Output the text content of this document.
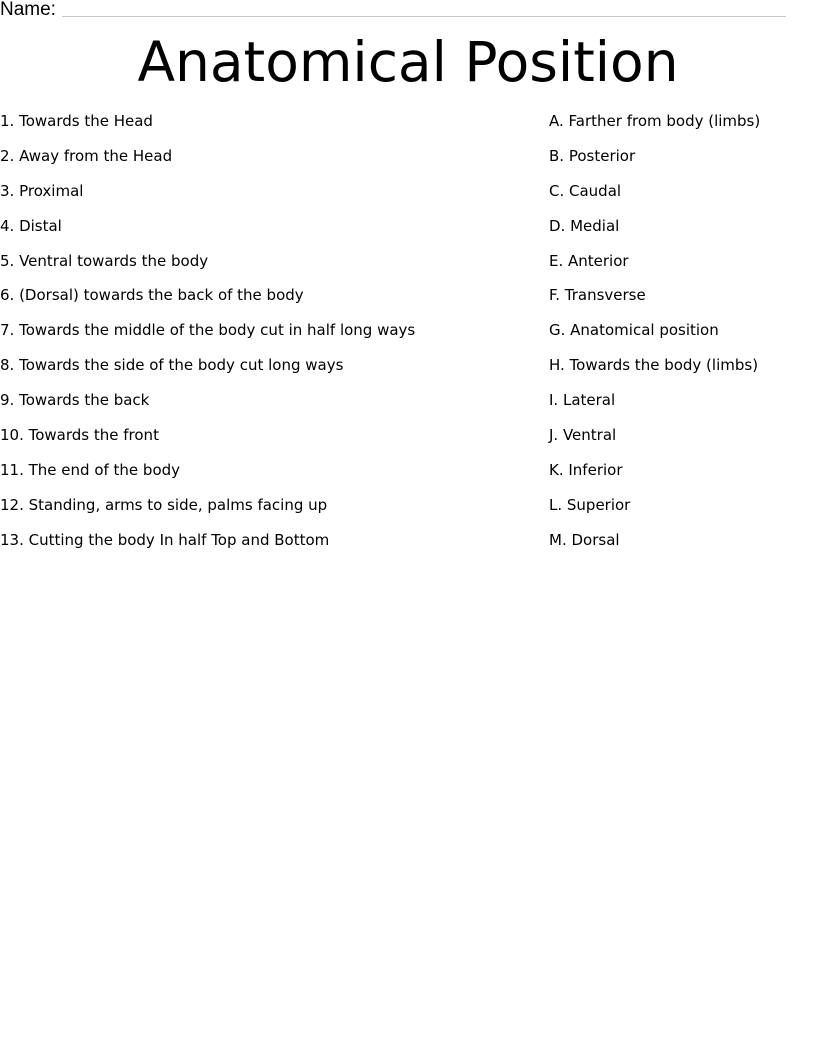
Name:
Anatomical Position
1. Towards the Head
2. Away from the Head
3. Proximal
4. Distal
5. Ventral towards the body
6. (Dorsal) towards the back of the body
7. Towards the middle of the body cut in half long ways
8. Towards the side of the body cut long ways
9. Towards the back
10. Towards the front
11. The end of the body
12. Standing, arms to side, palms facing up
13. Cutting the body In half Top and Bottom
A. Farther from body (limbs)
B. Posterior
C. Caudal
D. Medial
E. Anterior
F. Transverse
G. Anatomical position
H. Towards the body (limbs)
I. Lateral
J. Ventral
K. Inferior
L. Superior
M. Dorsal
